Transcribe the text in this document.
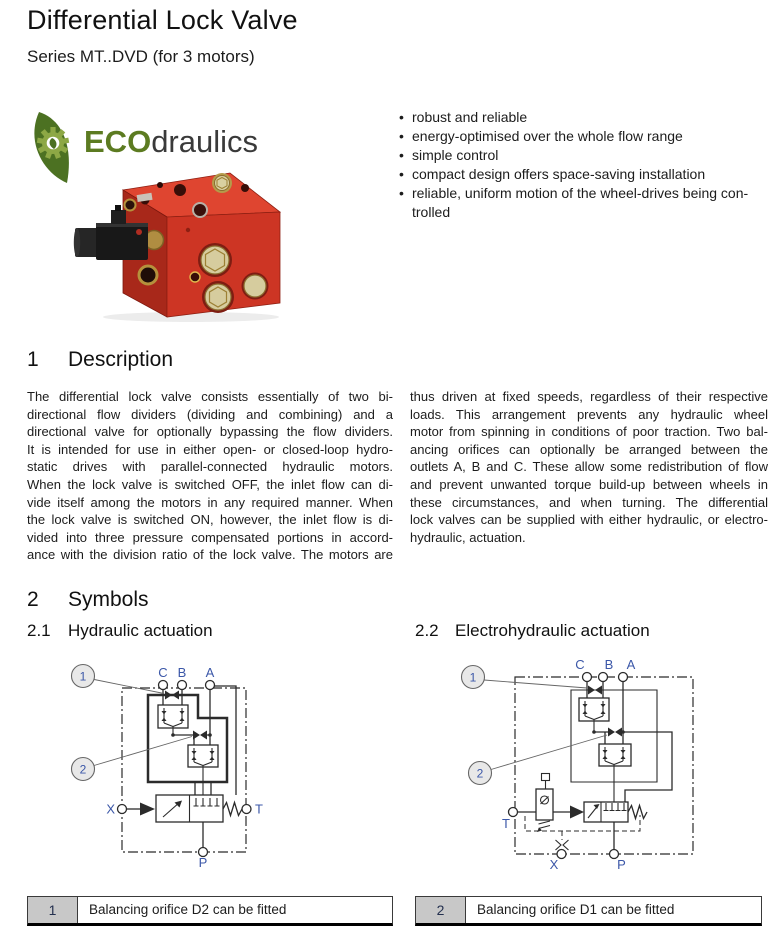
Differential Lock Valve
Series MT..DVD (for 3 motors)
ECOdraulics
• robust and reliable
• energy-optimised over the whole flow range
• simple control
• compact design offers space-saving installation
• reliable, uniform motion of the wheel-drives being controlled
1 Description
The differential lock valve consists essentially of two bi-
directional flow dividers (dividing and combining) and a
directional valve for optionally bypassing the flow dividers.
It is intended for use in either open- or closed-loop hydro-
static drives with parallel-connected hydraulic motors.
When the lock valve is switched OFF, the inlet flow can di-
vide itself among the motors in any required manner. When
the lock valve is switched ON, however, the inlet flow is di-
vided into three pressure compensated portions in accord-
ance with the division ratio of the lock valve. The motors are
thus driven at fixed speeds, regardless of their respective
loads. This arrangement prevents any hydraulic wheel
motor from spinning in conditions of poor traction. Two bal-
ancing orifices can optionally be arranged between the
outlets A, B and C. These allow some redistribution of flow
and prevent unwanted torque build-up between wheels in
these circumstances, and when turning. The differential
lock valves can be supplied with either hydraulic, or electro-
hydraulic, actuation.
2 Symbols
2.1 Hydraulic actuation	2.2 Electrohydraulic actuation
C B A
X	T
P
1
2
C B A
T
X	P
1
2
1	Balancing orifice D2 can be fitted	2	Balancing orifice D1 can be fitted
